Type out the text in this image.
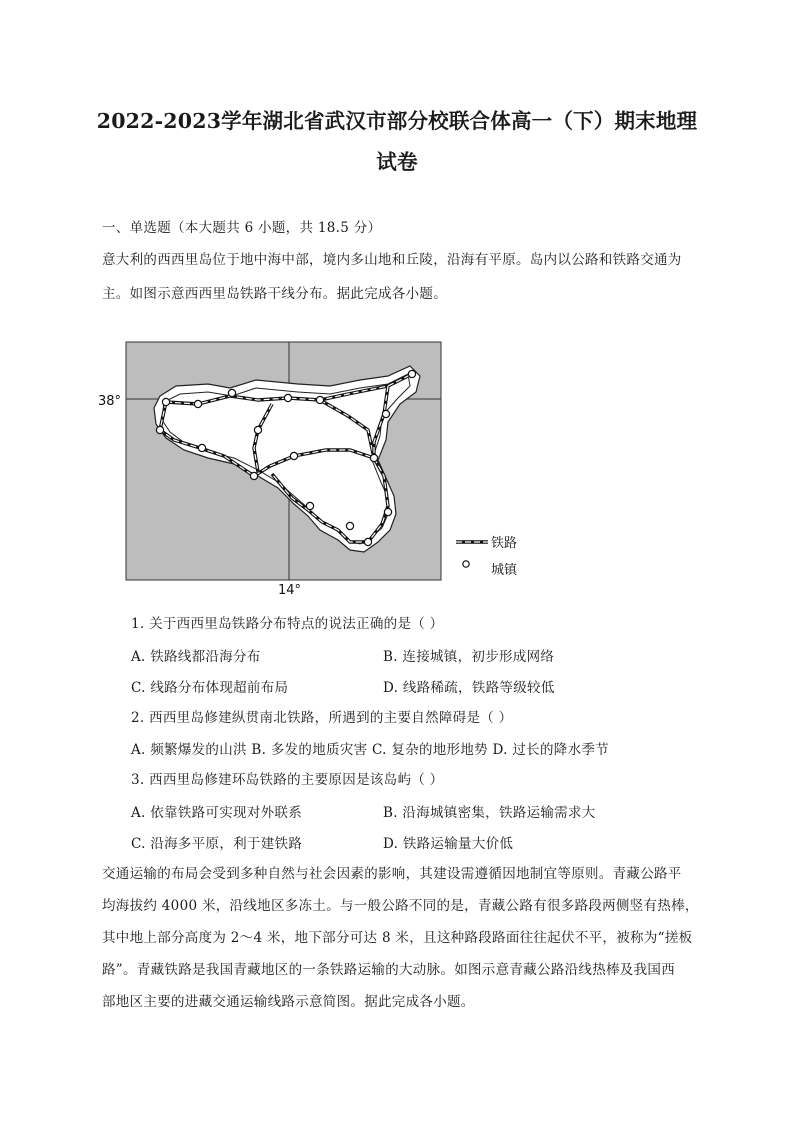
2022-2023学年湖北省武汉市部分校联合体高一（下）期末地理
试卷
一、单选题（本大题共 6 小题，共 18.5 分）
意大利的西西里岛位于地中海中部，境内多山地和丘陵，沿海有平原。岛内以公路和铁路交通为
主。如图示意西西里岛铁路干线分布。据此完成各小题。
38°
14°
铁路
城镇
1. 关于西西里岛铁路分布特点的说法正确的是（ ）
A. 铁路线都沿海分布	B. 连接城镇，初步形成网络
C. 线路分布体现超前布局	D. 线路稀疏，铁路等级较低
2. 西西里岛修建纵贯南北铁路，所遇到的主要自然障碍是（ ）
A. 频繁爆发的山洪 B. 多发的地质灾害 C. 复杂的地形地势 D. 过长的降水季节
3. 西西里岛修建环岛铁路的主要原因是该岛屿（ ）
A. 依靠铁路可实现对外联系	B. 沿海城镇密集，铁路运输需求大
C. 沿海多平原，利于建铁路	D. 铁路运输量大价低
交通运输的布局会受到多种自然与社会因素的影响，其建设需遵循因地制宜等原则。青藏公路平
均海拔约 4000 米，沿线地区多冻土。与一般公路不同的是，青藏公路有很多路段两侧竖有热棒，
其中地上部分高度为 2～4 米，地下部分可达 8 米，且这种路段路面往往起伏不平，被称为“搓板
路”。青藏铁路是我国青藏地区的一条铁路运输的大动脉。如图示意青藏公路沿线热棒及我国西
部地区主要的进藏交通运输线路示意简图。据此完成各小题。
